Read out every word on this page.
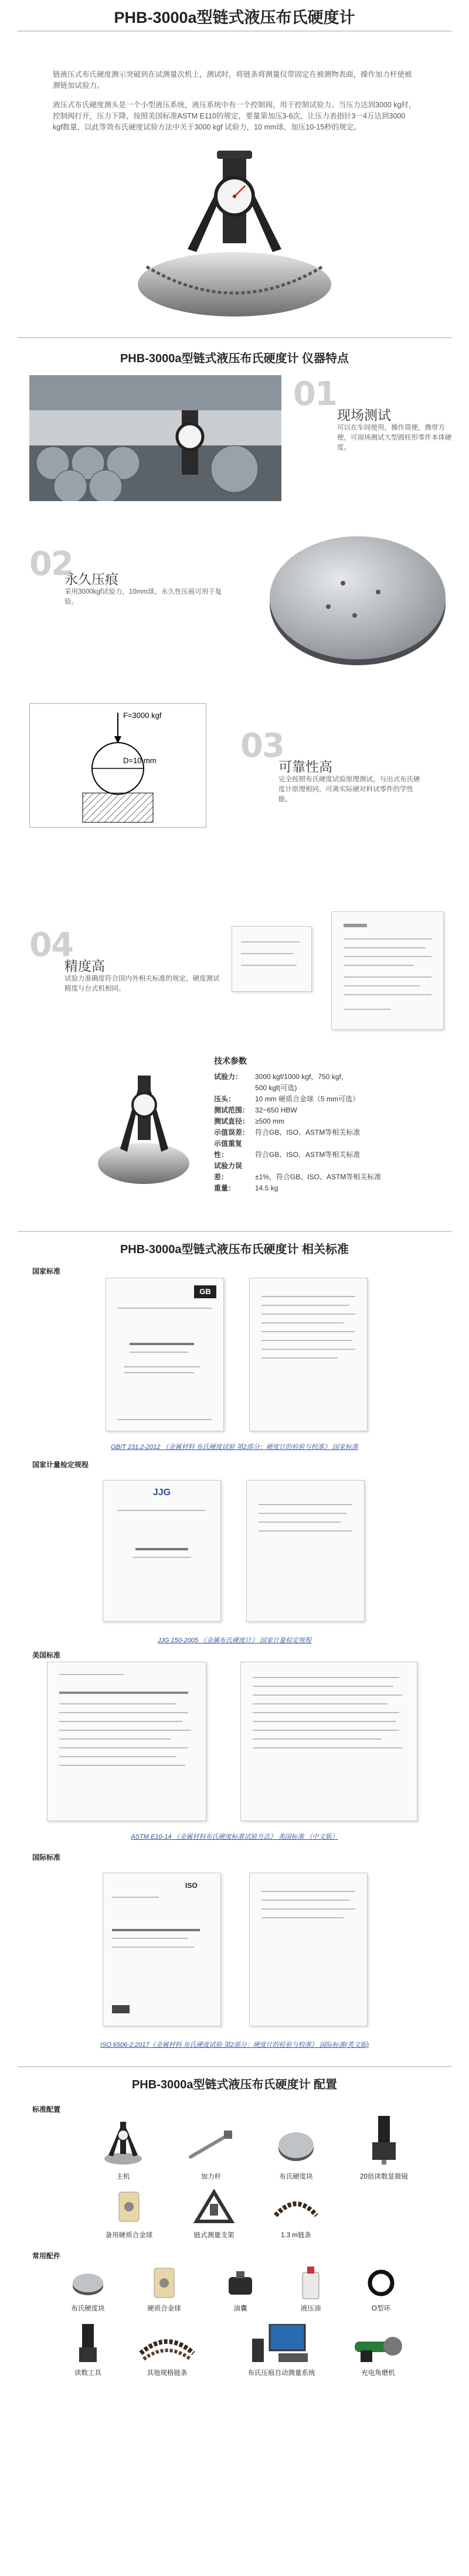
PHB-3000a型链式液压布氏硬度计
链液压式布氏硬度测示突破到在试测量次机上，测试时，将链条将测量仪带固定在被测物表面，操作加力杆使被测链加试验力。
液压式布氏硬度测头是一个小型液压系统，液压系统中有一个控制阀，用于控制试验力。当压力达到3000 kg时，控制阀打开，压力下降，按照美国标准ASTM E110的规定，要量第加压3-6次，让压力表指针3一4万达到3000 kgf数量，以此等效布氏硬度试验方法中关于3000 kgf 试验力，10 mm球，加压10-15秒的规定。
PHB-3000a型链式液压布氏硬度计 仪器特点
01
现场测试
可以在车间使用，操作简便，携带方便，可现场测试大型圆柱形零件本体硬度。
02
永久压痕
采用3000kgf试验力，10mm球，永久性压痕可用于复验。
F=3000 kgf
D=10 mm	03
可靠性高
完全按照布氏硬度试验原理测试，与出式布氏硬度计原理相同，可离实际硬对料试零件的学性能。
04
精度高
试验力准确度符合国内外相关标准的规定，硬度测试精度与台式机相同。
技术参数
试验力： 3000 kgf/1000 kgf，750 kgf，
500 kgf(可选)
压头：	10 mm 硬质合金球（5 mm可选）
测试范围： 32~650 HBW
测试直径： ≥500 mm
示值误差： 符合GB、ISO、ASTM等相关标准
示值重复性：	符合GB、ISO、ASTM等相关标准
试验力误差：	±1%，符合GB、ISO、ASTM等相关标准
重量：	14.5 kg
PHB-3000a型链式液压布氏硬度计 相关标准
国家标准
GB
GB/T 231.2-2012 《金属材料 布氏硬度试验 第2部分：硬度计的检验与校准》 国家标准
国家计量检定规程
JJG
JJG 150-2005 《金属布氏硬度计》 国家计量检定规程
美国标准
ASTM E10-14 《金属材料布氏硬度标准试验方法》 美国标准 （中文版）
国际标准
ISO
ISO 6506-2:2017《金属材料 布氏硬度试验 第2部分：硬度计的检验与校准》 国际标准(英文版)
PHB-3000a型链式液压布氏硬度计 配置
标准配置
主机	加力杆	布氏硬度块	20倍读数显微镜
备用硬质合金球	链式测量支架	1.3 m链条
常用配件
布氏硬度块	硬质合金球	油囊	液压油	O型环
读数工具	其他规格链条	布氏压痕自动测量系统	充电角磨机
